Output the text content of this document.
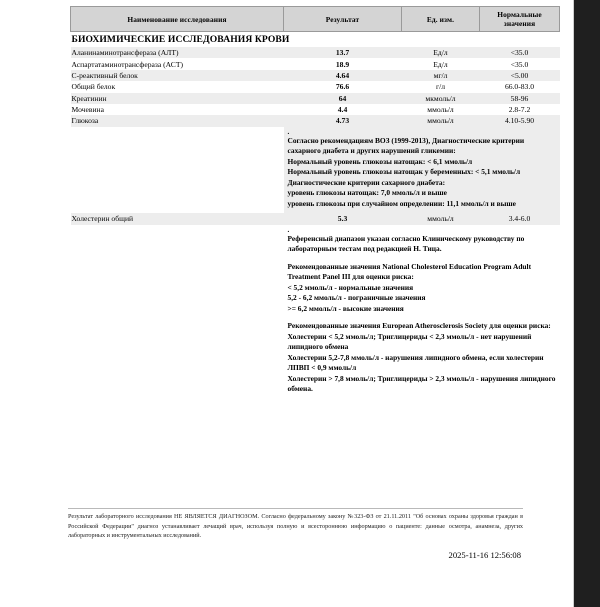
Наименование исследования	Результат	Ед. изм.	Нормальные значения
БИОХИМИЧЕСКИЕ ИССЛЕДОВАНИЯ КРОВИ			
Аланинаминотрансфераза (АЛТ)	13.7	Ед/л	<35.0
Аспартатаминотрансфераза (АСТ)	18.9	Ед/л	<35.0
С-реактивный белок	4.64	мг/л	<5.00
Общий белок	76.6	г/л	66.0-83.0
Креатинин	64	мкмоль/л	58-96
Мочевина	4.4	ммоль/л	2.8-7.2
Глюкоза	4.73	ммоль/л	4.10-5.90

.
Согласно рекомендациям ВОЗ (1999-2013), Диагностические критерии сахарного диабета и других нарушений гликемии:
Нормальный уровень глюкозы натощак: < 6,1 ммоль/л
Нормальный уровень глюкозы натощак у беременных: < 5,1 ммоль/л
Диагностические критерии сахарного диабета:
уровень глюкозы натощак: 7,0 ммоль/л и выше
уровень глюкозы при случайном определении: 11,1 ммоль/л и выше

Холестерин общий	5.3	ммоль/л	3.4-6.0

.
Референсный диапазон указан согласно Клиническому руководству по лабораторным тестам под редакцией Н. Тица.
Рекомендованные значения National Cholesterol Education Program Adult Treatment Panel III для оценки риска:
< 5,2 ммоль/л - нормальные значения
5,2 - 6,2 ммоль/л - пограничные значения
>= 6,2 ммоль/л - высокие значения
Рекомендованные значения European Atherosclerosis Society для оценки риска:
Холестерин < 5,2 ммоль/л; Триглицериды < 2,3 ммоль/л - нет нарушений липидного обмена
Холестерин 5,2-7,8 ммоль/л - нарушения липидного обмена, если холестерин ЛПВП < 0,9 ммоль/л
Холестерин > 7,8 ммоль/л; Триглицериды > 2,3 ммоль/л - нарушения липидного обмена.
Результат лабораторного исследования НЕ ЯВЛЯЕТСЯ ДИАГНОЗОМ. Согласно федеральному закону №323-ФЗ от 21.11.2011 "Об основах охраны здоровья граждан в Российской Федерации" диагноз устанавливает лечащий врач, используя полную и всестороннюю информацию о пациенте: данные осмотра, анамнеза, других лабораторных и инструментальных исследований.
2025-11-16 12:56:08
